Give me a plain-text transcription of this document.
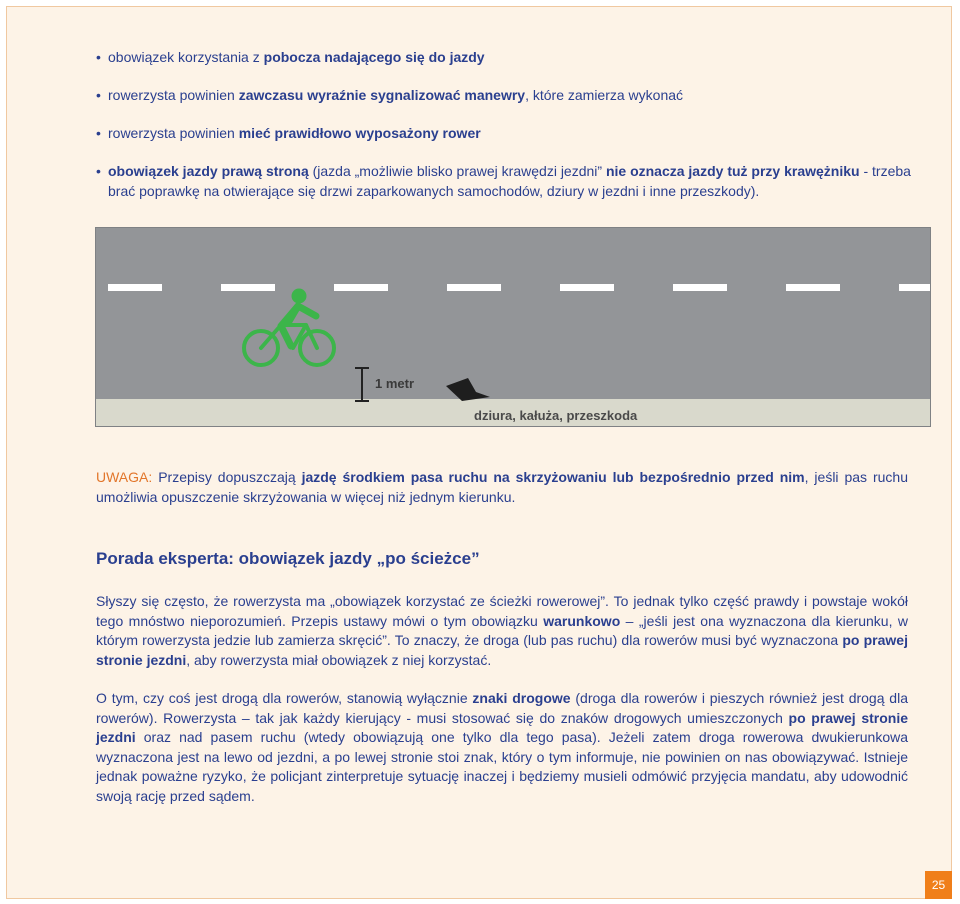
• obowiązek korzystania z pobocza nadającego się do jazdy

• rowerzysta powinien zawczasu wyraźnie sygnalizować manewry, które zamierza wykonać

• rowerzysta powinien mieć prawidłowo wyposażony rower

• obowiązek jazdy prawą stroną (jazda „możliwie blisko prawej krawędzi jezdni” nie oznacza jazdy tuż przy krawężniku - trzeba brać poprawkę na otwierające się drzwi zaparkowanych samochodów, dziury w jezdni i inne przeszkody).

1 metr
dziura, kałuża, przeszkoda

UWAGA: Przepisy dopuszczają jazdę środkiem pasa ruchu na skrzyżowaniu lub bezpośrednio przed nim, jeśli pas ruchu umożliwia opuszczenie skrzyżowania w więcej niż jednym kierunku.

Porada eksperta: obowiązek jazdy „po ścieżce”

Słyszy się często, że rowerzysta ma „obowiązek korzystać ze ścieżki rowerowej”. To jednak tylko część prawdy i powstaje wokół tego mnóstwo nieporozumień. Przepis ustawy mówi o tym obowiązku warunkowo – „jeśli jest ona wyznaczona dla kierunku, w którym rowerzysta jedzie lub zamierza skręcić”. To znaczy, że droga (lub pas ruchu) dla rowerów musi być wyznaczona po prawej stronie jezdni, aby rowerzysta miał obowiązek z niej korzystać.

O tym, czy coś jest drogą dla rowerów, stanowią wyłącznie znaki drogowe (droga dla rowerów i pieszych również jest drogą dla rowerów). Rowerzysta – tak jak każdy kierujący - musi stosować się do znaków drogowych umieszczonych po prawej stronie jezdni oraz nad pasem ruchu (wtedy obowiązują one tylko dla tego pasa). Jeżeli zatem droga rowerowa dwukierunkowa wyznaczona jest na lewo od jezdni, a po lewej stronie stoi znak, który o tym informuje, nie powinien on nas obowiązywać. Istnieje jednak poważne ryzyko, że policjant zinterpretuje sytuację inaczej i będziemy musieli odmówić przyjęcia mandatu, aby udowodnić swoją rację przed sądem.

25
